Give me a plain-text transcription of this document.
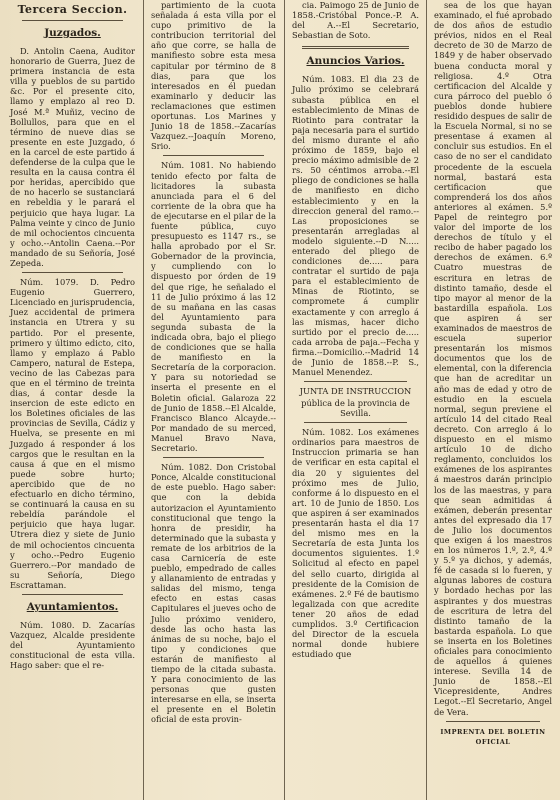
Tercera Seccion.
Juzgados.

D. Antolin Caena, Auditor honorario de Guerra, Juez de primera instancia de esta villa y pueblos de su partido &c. Por el presente cito, llamo y emplazo al reo D. José M.ª Muñiz, vecino de Bollullos, para que en el término de nueve dias se presente en este Juzgado, ó en la carcel de este partido á defenderse de la culpa que le resulta en la causa contra él por heridas, apercibido que de no hacerlo se sustanciará en rebeldia y le parará el perjuicio que haya lugar. La Palma veinte y cinco de Junio de mil ochocientos cincuenta y ocho.--Antolin Caena.--Por mandado de su Señoría, José Zepeda.

Núm. 1079. D. Pedro Eugenio Guerrero, Licenciado en jurisprudencia, Juez accidental de primera instancia en Utrera y su partido. Por el presente, primero y último edicto, cito, llamo y emplazo á Pablo Campero, natural de Estepa, vecino de las Cabezas para que en el término de treinta dias, á contar desde la insercion de este edicto en los Boletines oficiales de las provincias de Sevilla, Cádiz y Huelva, se presente en mi Juzgado á responder á los cargos que le resultan en la causa á que en el mismo puede sobre hurto; apercibido que de no efectuarlo en dicho término, se continuará la causa en su rebeldía parándole el perjuicio que haya lugar. Utrera diez y siete de Junio de mil ochocientos cincuenta y ocho.--Pedro Eugenio Guerrero.--Por mandado de su Señoría, Diego Escrattaman.

Ayuntamientos.

Núm. 1080. D. Zacarías Vazquez, Alcalde presidente del Ayuntamiento constitucional de esta villa. Hago saber: que el re-

partimiento de la cuota señalada á esta villa por el cupo primitivo de la contribucion territorial del año que corre, se halla de manifiesto sobre esta mesa capitular por término de 8 dias, para que los interesados en él puedan examinarlo y deducir las reclamaciones que estimen oportunas. Los Marines y Junio 18 de 1858.--Zacarías Vazquez.--Joaquín Moreno, Srio.

Núm. 1081. No habiendo tenido efecto por falta de licitadores la subasta anunciada para el 6 del corriente de la obra que ha de ejecutarse en el pilar de la fuente pública, cuyo presupuesto es 1147 rs., se halla aprobado por el Sr. Gobernador de la provincia, y cumpliendo con lo dispuesto por órden de 19 del que rige, he señalado el 11 de Julio próximo á las 12 de su mañana en las casas del Ayuntamiento para segunda subasta de la indicada obra, bajo el pliego de condiciones que se halla de manifiesto en la Secretaría de la corporacion. Y para su notoriedad se inserta el presente en el Boletin oficial. Galaroza 22 de Junio de 1858.--El Alcalde, Francisco Blanco Alcayde.--Por mandado de su merced, Manuel Bravo Nava, Secretario.

Núm. 1082. Don Cristobal Ponce, Alcalde constitucional de este pueblo. Hago saber: que con la debida autorizacion el Ayuntamiento constitucional que tengo la honra de presidir, ha determinado que la subasta y remate de los arbitrios de la casa Carnicería de este pueblo, empedrado de calles y allanamiento de entradas y salidas del mismo, tenga efecto en estas casas Capitulares el jueves ocho de Julio próximo venidero, desde las ocho hasta las ánimas de su noche, bajo el tipo y condiciones que estarán de manifiesto al tiempo de la citada subasta. Y para conocimiento de las personas que gusten interesarse en ella, se inserta el presente en el Boletin oficial de esta provin-

cia. Paimogo 25 de Junio de 1858.-Cristóbal Ponce.-P. A. del A.--El Secretario, Sebastian de Soto.

Anuncios Varios.

Núm. 1083. El dia 23 de Julio próximo se celebrará subasta pública en el establecimiento de Minas de Riotinto para contratar la paja necesaria para el surtido del mismo durante el año próximo de 1859, bajo el precio máximo admisible de 2 rs. 50 céntimos arroba.--El pliego de condiciones se halla de manifiesto en dicho establecimiento y en la direccion general del ramo.--Las proposiciones se presentarán arregladas al modelo siguiente.--D N..... enterado del pliego de condiciones de..... para contratar el surtido de paja para el establecimiento de Minas de Riotinto, se compromete á cumplir exactamente y con arreglo á las mismas, hacer dicho surtido por el precio de..... cada arroba de paja.--Fecha y firma.--Domicilio.--Madrid 14 de Junio de 1858.--P. S., Manuel Menendez.

JUNTA DE INSTRUCCION
pública de la provincia de Sevilla.

Núm. 1082. Los exámenes ordinarios para maestros de Instruccion primaria se han de verificar en esta capital el dia 20 y siguientes del próximo mes de Julio, conforme á lo dispuesto en el art. 10 de Junio de 1850. Los que aspiren á ser examinados presentarán hasta el dia 17 del mismo mes en la Secretaría de esta Junta los documentos siguientes. 1.º Solicitud al efecto en papel del sello cuarto, dirigida al presidente de la Comision de exámenes. 2.º Fé de bautismo legalizada con que acredite tener 20 años de edad cumplidos. 3.º Certificacion del Director de la escuela normal donde hubiere estudiado que

sea de los que hayan examinado, el fué aprobado de dos años de estudio prévios, nidos en el Real decreto de 30 de Marzo de 1849 y de haber observado buena conducta moral y religiosa. 4.º Otra certificacion del Alcalde y cura párroco del pueblo ó pueblos donde hubiere residido despues de salir de la Escuela Normal, si no se presentase á examen al concluir sus estudios. En el caso de no ser el candidato procedente de la escuela normal, bastará esta certificacion que comprenderá los dos años anteriores al exámen. 5.º Papel de reintegro por valor del importe de los derechos de título y el recibo de haber pagado los derechos de exámen. 6.º Cuatro muestras de escritura en letras de distinto tamaño, desde el tipo mayor al menor de la bastardilla española. Los que aspiren á ser examinados de maestros de escuela superior presentarán los mismos documentos que los de elemental, con la diferencia que han de acreditar un año mas de edad y otro de estudio en la escuela normal, segun previene el artículo 14 del citado Real decreto. Con arreglo á lo dispuesto en el mismo artículo 10 de dicho reglamento, concluidos los exámenes de los aspirantes á maestros darán principio los de las maestras, y para que sean admitidas á exámen, deberán presentar antes del expresado dia 17 de Julio los documentos que exigen á los maestros en los números 1.º, 2.º, 4.º y 5.º ya dichos, y además, fé de casada si lo fueren, y algunas labores de costura y bordado hechas por las aspirantes y dos muestras de escritura de letra del distinto tamaño de la bastarda española. Lo que se inserta en los Boletines oficiales para conocimiento de aquellos á quienes interese. Sevilla 14 de Junio de 1858.--El Vicepresidente, Andres Legot.--El Secretario, Angel de Vera.

IMPRENTA DEL BOLETIN OFICIAL
